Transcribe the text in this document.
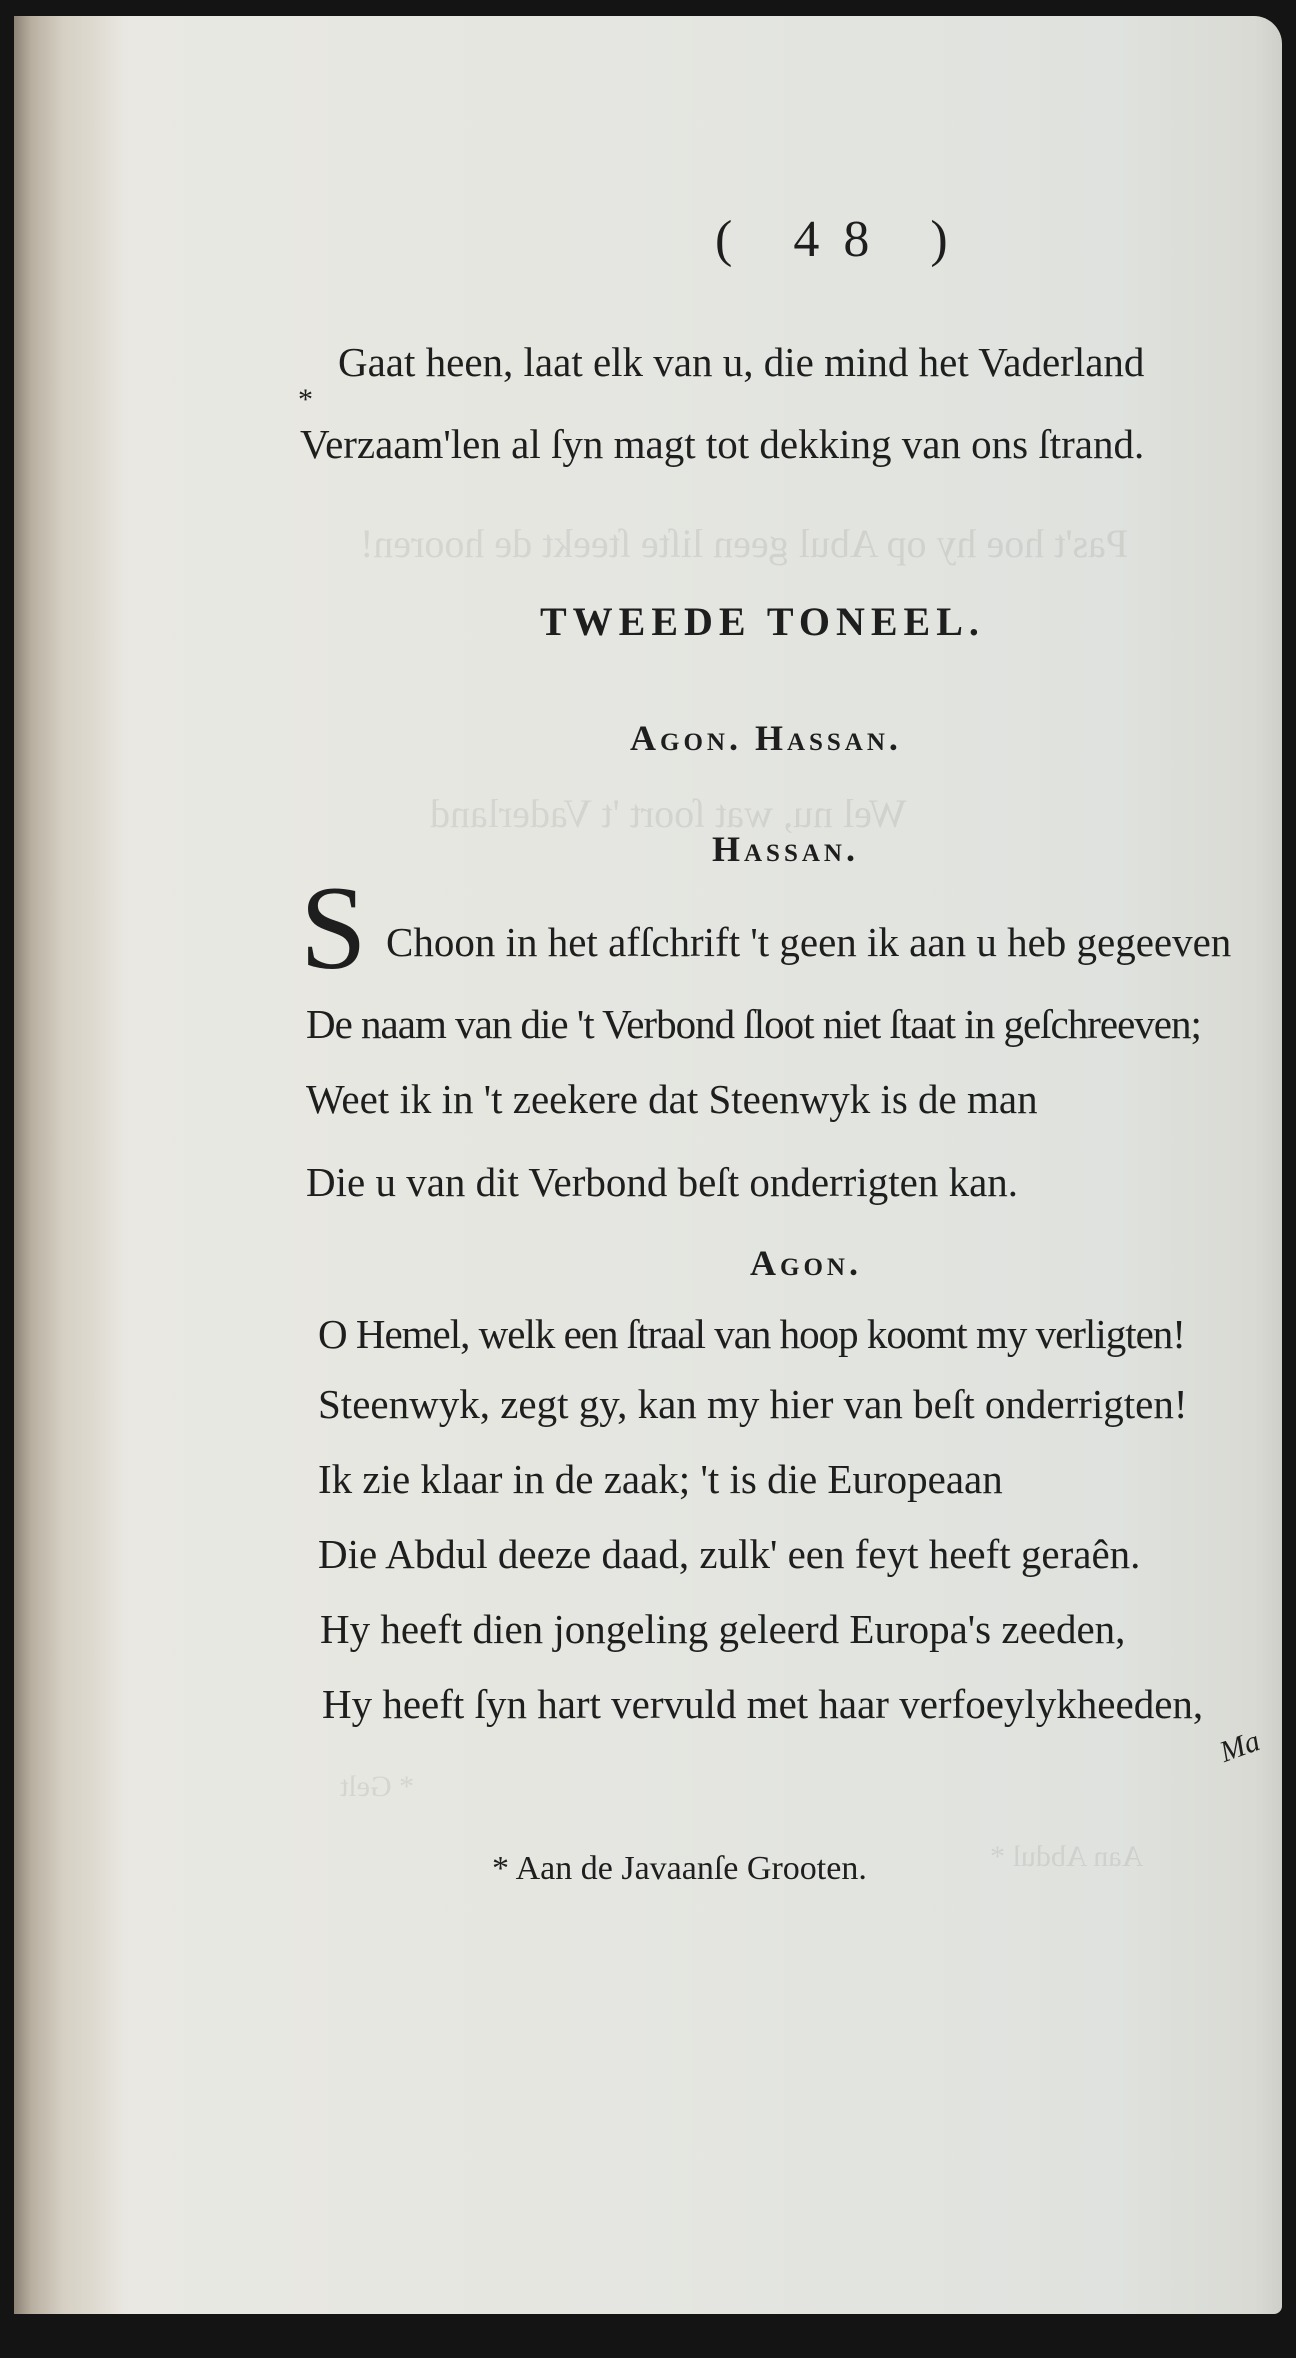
Pas't hoe hy op Abul geen liſte ſteekt de hooren!
Wel nu, wat ſoort 't Vaderland
* Gelt
Aan Abdul *
( 48 )
*
Gaat heen, laat elk van u, die mind het Vaderland
Verzaam'len al ſyn magt tot dekking van ons ſtrand.
TWEEDE TONEEL.
Agon. Hassan.
Hassan.
S Choon in het afſchrift 't geen ik aan u heb gegeeven
De naam van die 't Verbond ſloot niet ſtaat in geſchreeven;
Weet ik in 't zeekere dat Steenwyk is de man
Die u van dit Verbond beſt onderrigten kan.
Agon.
O Hemel, welk een ſtraal van hoop koomt my verligten!
Steenwyk, zegt gy, kan my hier van beſt onderrigten!
Ik zie klaar in de zaak; 't is die Europeaan
Die Abdul deeze daad, zulk' een feyt heeft geraên.
Hy heeft dien jongeling geleerd Europa's zeeden,
Hy heeft ſyn hart vervuld met haar verfoeylykheeden,
Ma
* Aan de Javaanſe Grooten.
